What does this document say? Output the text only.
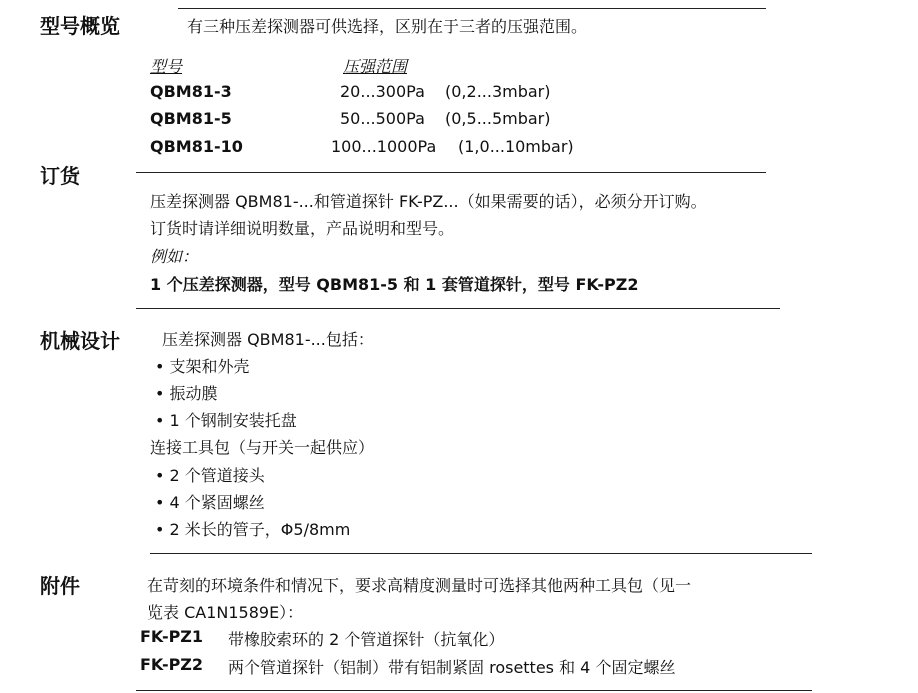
型号概览	有三种压差探测器可供选择，区别在于三者的压强范围。
型号	压强范围
QBM81-3	20...300Pa (0,2...3mbar)
QBM81-5	50...500Pa (0,5...5mbar)
QBM81-10	100...1000Pa (1,0...10mbar)
订货
压差探测器 QBM81-...和管道探针 FK-PZ...（如果需要的话），必须分开订购。
订货时请详细说明数量，产品说明和型号。
例如：
1 个压差探测器，型号 QBM81-5 和 1 套管道探针，型号 FK-PZ2
机械设计	压差探测器 QBM81-...包括：
• 支架和外壳
• 振动膜
• 1 个钢制安装托盘
连接工具包（与开关一起供应）
• 2 个管道接头
• 4 个紧固螺丝
• 2 米长的管子，Φ5/8mm
附件	在苛刻的环境条件和情况下，要求高精度测量时可选择其他两种工具包（见一
览表 CA1N1589E）：
FK-PZ1 带橡胶索环的 2 个管道探针（抗氧化）
FK-PZ2 两个管道探针（铝制）带有铝制紧固 rosettes 和 4 个固定螺丝
